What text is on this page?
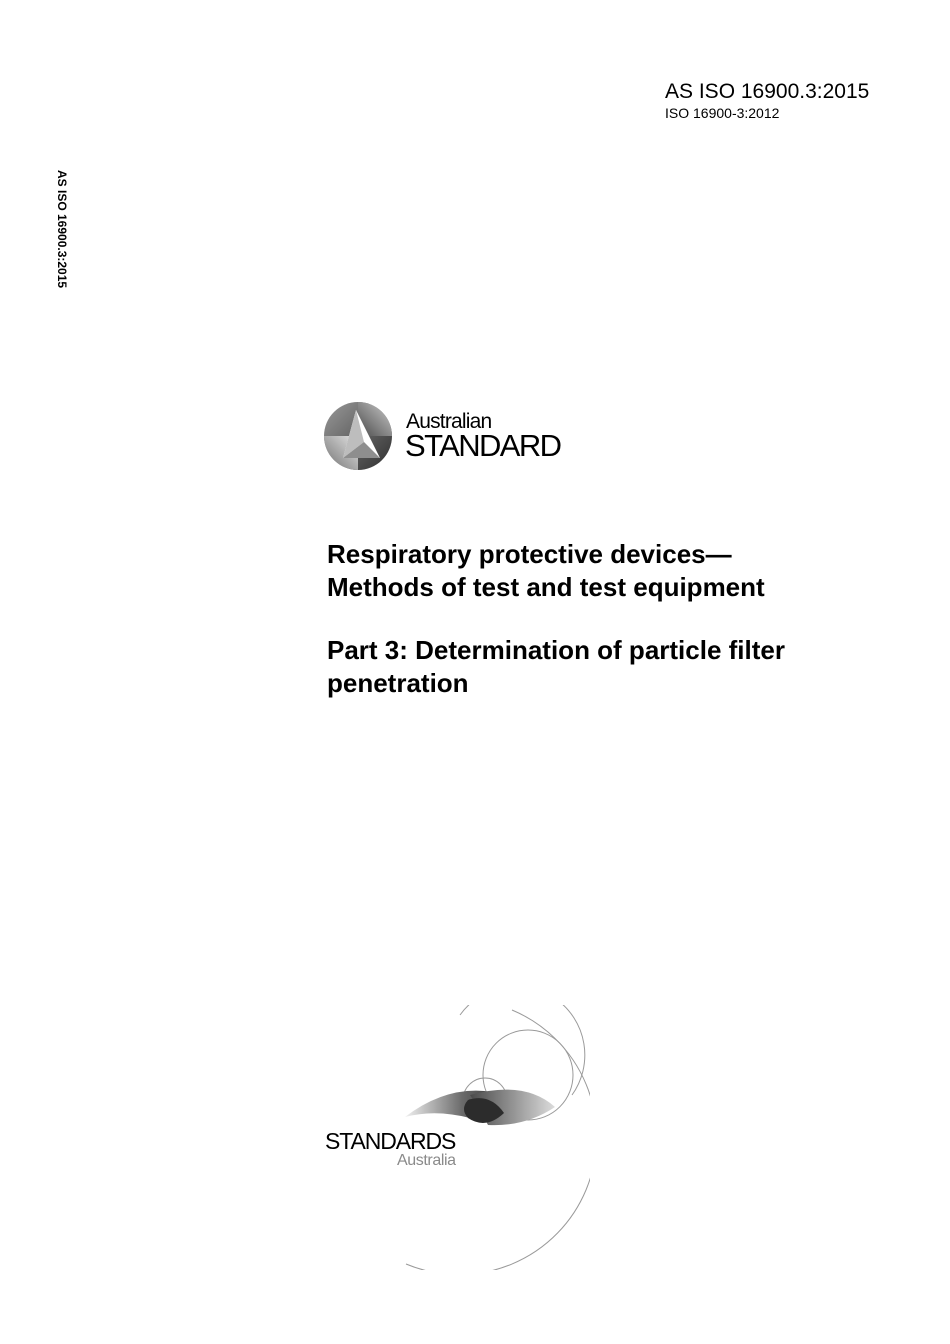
AS ISO 16900.3:2015
ISO 16900-3:2012
AS ISO 16900.3:2015
Australian
STANDARD

Respiratory protective devices—

Methods of test and test equipment

Part 3: Determination of particle filter

penetration

STANDARDS
Australia
